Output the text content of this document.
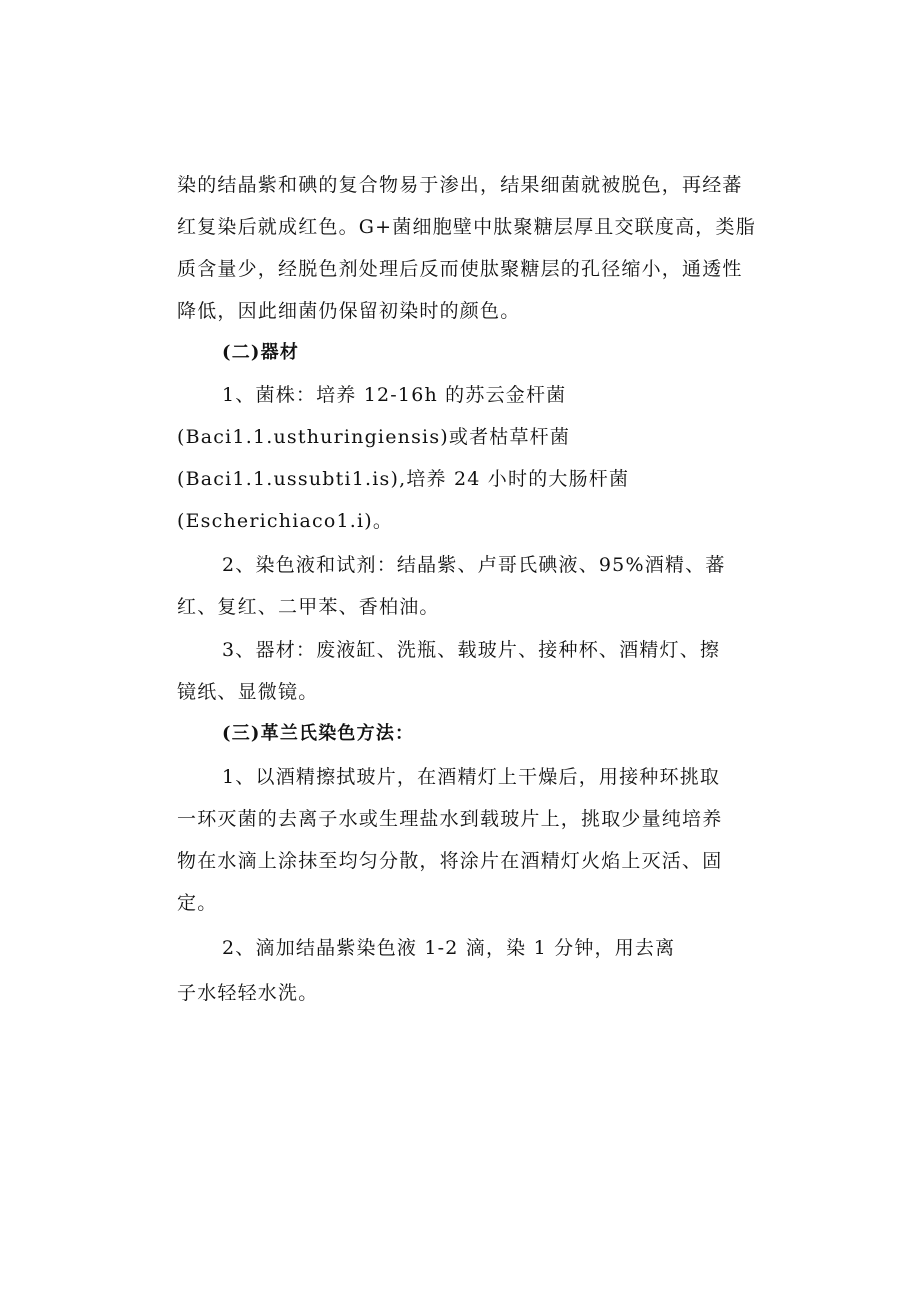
染的结晶紫和碘的复合物易于渗出，结果细菌就被脱色，再经蕃
红复染后就成红色。G+菌细胞壁中肽聚糖层厚且交联度高，类脂
质含量少，经脱色剂处理后反而使肽聚糖层的孔径缩小，通透性
降低，因此细菌仍保留初染时的颜色。
(二)器材
1、菌株：培养 12-16h 的苏云金杆菌
(Baci1.1.usthuringiensis)或者枯草杆菌
(Baci1.1.ussubti1.is),培养 24 小时的大肠杆菌
(Escherichiaco1.i)。
2、染色液和试剂：结晶紫、卢哥氏碘液、95%酒精、蕃
红、复红、二甲苯、香柏油。
3、器材：废液缸、洗瓶、载玻片、接种杯、酒精灯、擦
镜纸、显微镜。
(三)革兰氏染色方法：
1、以酒精擦拭玻片，在酒精灯上干燥后，用接种环挑取
一环灭菌的去离子水或生理盐水到载玻片上，挑取少量纯培养
物在水滴上涂抹至均匀分散，将涂片在酒精灯火焰上灭活、固
定。
2、滴加结晶紫染色液 1-2 滴，染 1 分钟，用去离
子水轻轻水洗。
